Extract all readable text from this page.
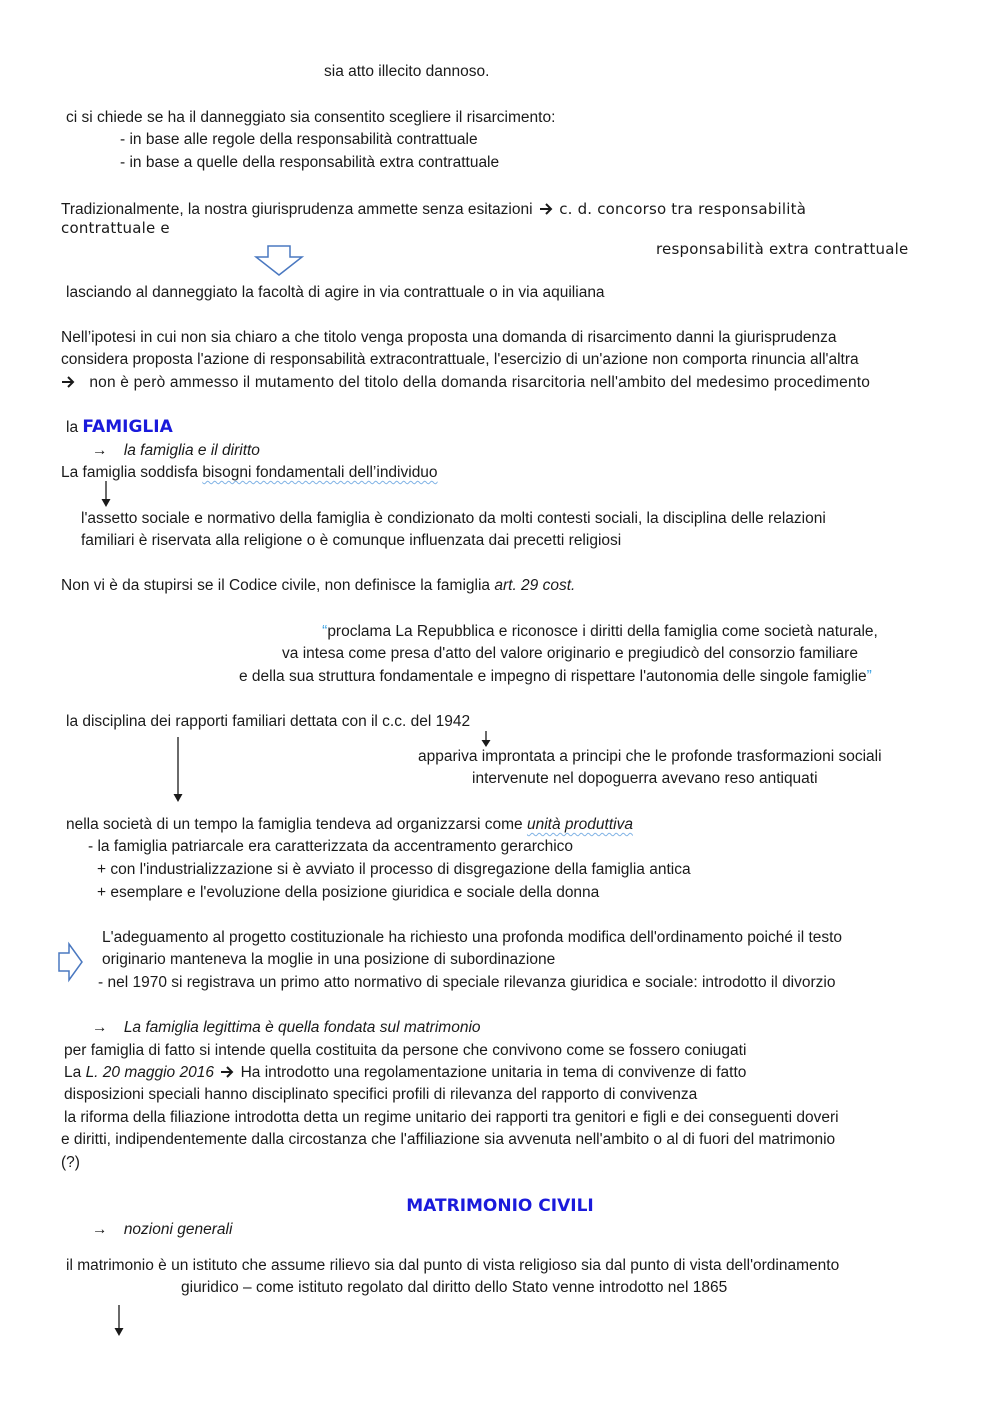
sia atto illecito dannoso.
ci si chiede se ha il danneggiato sia consentito scegliere il risarcimento:
- in base alle regole della responsabilità contrattuale
- in base a quelle della responsabilità extra contrattuale
Tradizionalmente, la nostra giurisprudenza ammette senza esitazioni c. d. concorso tra responsabilità
contrattuale e
responsabilità extra contrattuale
lasciando al danneggiato la facoltà di agire in via contrattuale o in via aquiliana
Nell’ipotesi in cui non sia chiaro a che titolo venga proposta una domanda di risarcimento danni la giurisprudenza
considera proposta l'azione di responsabilità extracontrattuale, l'esercizio di un'azione non comporta rinuncia all'altra
non è però ammesso il mutamento del titolo della domanda risarcitoria nell'ambito del medesimo procedimento
la FAMIGLIA
→ la famiglia e il diritto
La famiglia soddisfa bisogni fondamentali dell’individuo
l'assetto sociale e normativo della famiglia è condizionato da molti contesti sociali, la disciplina delle relazioni
familiari è riservata alla religione o è comunque influenzata dai precetti religiosi
Non vi è da stupirsi se il Codice civile, non definisce la famiglia art. 29 cost.
“proclama La Repubblica e riconosce i diritti della famiglia come società naturale,
va intesa come presa d'atto del valore originario e pregiudicò del consorzio familiare
e della sua struttura fondamentale e impegno di rispettare l'autonomia delle singole famiglie”
la disciplina dei rapporti familiari dettata con il c.c. del 1942
appariva improntata a principi che le profonde trasformazioni sociali
intervenute nel dopoguerra avevano reso antiquati
nella società di un tempo la famiglia tendeva ad organizzarsi come unità produttiva
- la famiglia patriarcale era caratterizzata da accentramento gerarchico
+ con l'industrializzazione si è avviato il processo di disgregazione della famiglia antica
+ esemplare e l'evoluzione della posizione giuridica e sociale della donna
L'adeguamento al progetto costituzionale ha richiesto una profonda modifica dell'ordinamento poiché il testo
originario manteneva la moglie in una posizione di subordinazione
- nel 1970 si registrava un primo atto normativo di speciale rilevanza giuridica e sociale: introdotto il divorzio
→ La famiglia legittima è quella fondata sul matrimonio
per famiglia di fatto si intende quella costituita da persone che convivono come se fossero coniugati
La L. 20 maggio 2016 Ha introdotto una regolamentazione unitaria in tema di convivenze di fatto
disposizioni speciali hanno disciplinato specifici profili di rilevanza del rapporto di convivenza
la riforma della filiazione introdotta detta un regime unitario dei rapporti tra genitori e figli e dei conseguenti doveri
e diritti, indipendentemente dalla circostanza che l'affiliazione sia avvenuta nell'ambito o al di fuori del matrimonio
(?)
MATRIMONIO CIVILI
→ nozioni generali
il matrimonio è un istituto che assume rilievo sia dal punto di vista religioso sia dal punto di vista dell'ordinamento
giuridico – come istituto regolato dal diritto dello Stato venne introdotto nel 1865
